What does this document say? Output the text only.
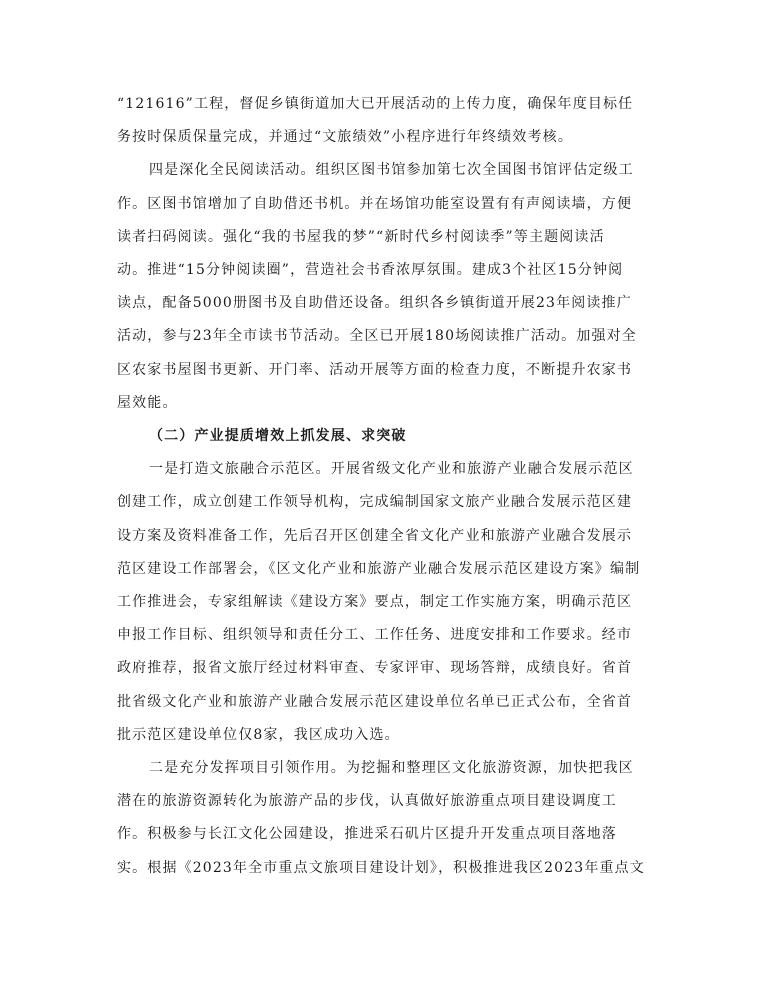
“121616”工程，督促乡镇街道加大已开展活动的上传力度，确保年度目标任
务按时保质保量完成，并通过“文旅绩效”小程序进行年终绩效考核。

四是深化全民阅读活动。组织区图书馆参加第七次全国图书馆评估定级工
作。区图书馆增加了自助借还书机。并在场馆功能室设置有有声阅读墙，方便
读者扫码阅读。强化“我的书屋我的梦”“新时代乡村阅读季”等主题阅读活
动。推进“15分钟阅读圈”，营造社会书香浓厚氛围。建成3个社区15分钟阅
读点，配备5000册图书及自助借还设备。组织各乡镇街道开展23年阅读推广
活动，参与23年全市读书节活动。全区已开展180场阅读推广活动。加强对全
区农家书屋图书更新、开门率、活动开展等方面的检查力度，不断提升农家书
屋效能。

（二）产业提质增效上抓发展、求突破

一是打造文旅融合示范区。开展省级文化产业和旅游产业融合发展示范区
创建工作，成立创建工作领导机构，完成编制国家文旅产业融合发展示范区建
设方案及资料准备工作，先后召开区创建全省文化产业和旅游产业融合发展示
范区建设工作部署会，《区文化产业和旅游产业融合发展示范区建设方案》编制
工作推进会，专家组解读《建设方案》要点，制定工作实施方案，明确示范区
申报工作目标、组织领导和责任分工、工作任务、进度安排和工作要求。经市
政府推荐，报省文旅厅经过材料审查、专家评审、现场答辩，成绩良好。省首
批省级文化产业和旅游产业融合发展示范区建设单位名单已正式公布，全省首
批示范区建设单位仅8家，我区成功入选。

二是充分发挥项目引领作用。为挖掘和整理区文化旅游资源，加快把我区
潜在的旅游资源转化为旅游产品的步伐，认真做好旅游重点项目建设调度工
作。积极参与长江文化公园建设，推进采石矶片区提升开发重点项目落地落
实。根据《2023年全市重点文旅项目建设计划》，积极推进我区2023年重点文
